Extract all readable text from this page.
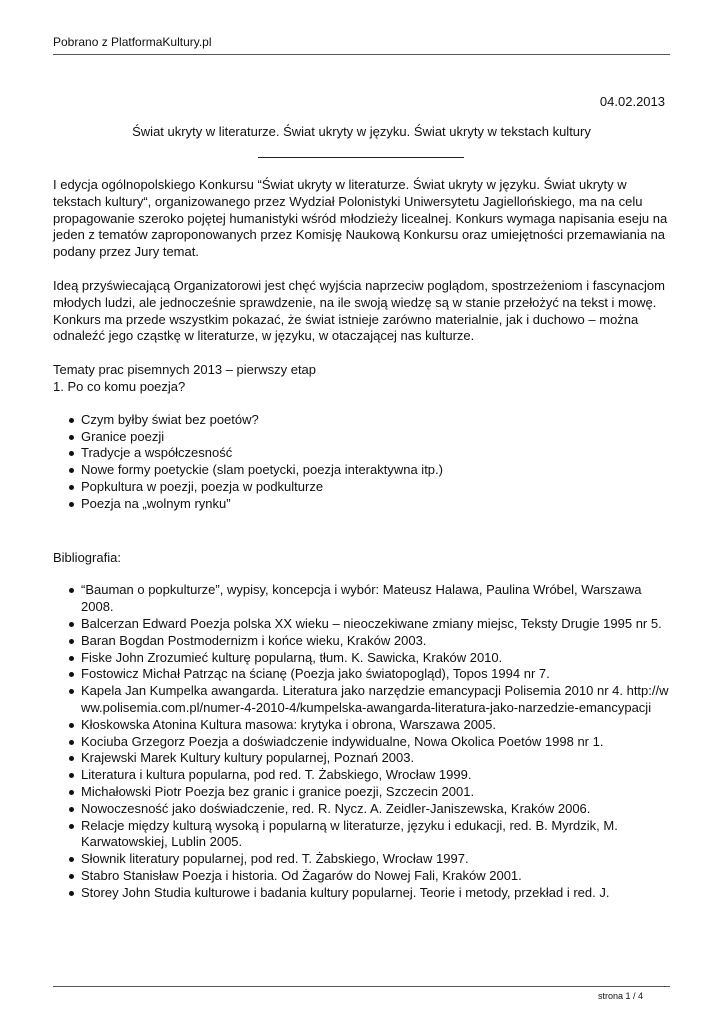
Pobrano z PlatformaKultury.pl
04.02.2013
Świat ukryty w literaturze. Świat ukryty w języku. Świat ukryty w tekstach kultury

I edycja ogólnopolskiego Konkursu “Świat ukryty w literaturze. Świat ukryty w języku. Świat ukryty w tekstach kultury“, organizowanego przez Wydział Polonistyki Uniwersytetu Jagiellońskiego, ma na celu propagowanie szeroko pojętej humanistyki wśród młodzieży licealnej. Konkurs wymaga napisania eseju na jeden z tematów zaproponowanych przez Komisję Naukową Konkursu oraz umiejętności przemawiania na podany przez Jury temat.

Ideą przyświecającą Organizatorowi jest chęć wyjścia naprzeciw poglądom, spostrzeżeniom i fascynacjom młodych ludzi, ale jednocześnie sprawdzenie, na ile swoją wiedzę są w stanie przełożyć na tekst i mowę. Konkurs ma przede wszystkim pokazać, że świat istnieje zarówno materialnie, jak i duchowo – można odnaleźć jego cząstkę w literaturze, w języku, w otaczającej nas kulturze.

Tematy prac pisemnych 2013 – pierwszy etap
1. Po co komu poezja?
Czym byłby świat bez poetów?
Granice poezji
Tradycje a współczesność
Nowe formy poetyckie (slam poetycki, poezja interaktywna itp.)
Popkultura w poezji, poezja w podkulturze
Poezja na „wolnym rynku”
Bibliografia:
“Bauman o popkulturze”, wypisy, koncepcja i wybór: Mateusz Halawa, Paulina Wróbel, Warszawa 2008.
Balcerzan Edward Poezja polska XX wieku – nieoczekiwane zmiany miejsc, Teksty Drugie 1995 nr 5.
Baran Bogdan Postmodernizm i końce wieku, Kraków 2003.
Fiske John Zrozumieć kulturę popularną, tłum. K. Sawicka, Kraków 2010.
Fostowicz Michał Patrząc na ścianę (Poezja jako światopogląd), Topos 1994 nr 7.
Kapela Jan Kumpelka awangarda. Literatura jako narzędzie emancypacji Polisemia 2010 nr 4. http://www.polisemia.com.pl/numer-4-2010-4/kumpelska-awangarda-literatura-jako-narzedzie-emancypacji
Kłoskowska Atonina Kultura masowa: krytyka i obrona, Warszawa 2005.
Kociuba Grzegorz Poezja a doświadczenie indywidualne, Nowa Okolica Poetów 1998 nr 1.
Krajewski Marek Kultury kultury popularnej, Poznań 2003.
Literatura i kultura popularna, pod red. T. Żabskiego, Wrocław 1999.
Michałowski Piotr Poezja bez granic i granice poezji, Szczecin 2001.
Nowoczesność jako doświadczenie, red. R. Nycz. A. Zeidler-Janiszewska, Kraków 2006.
Relacje między kulturą wysoką i popularną w literaturze, języku i edukacji, red. B. Myrdzik, M. Karwatowskiej, Lublin 2005.
Słownik literatury popularnej, pod red. T. Żabskiego, Wrocław 1997.
Stabro Stanisław Poezja i historia. Od Żagarów do Nowej Fali, Kraków 2001.
Storey John Studia kulturowe i badania kultury popularnej. Teorie i metody, przekład i red. J.
strona 1 / 4
